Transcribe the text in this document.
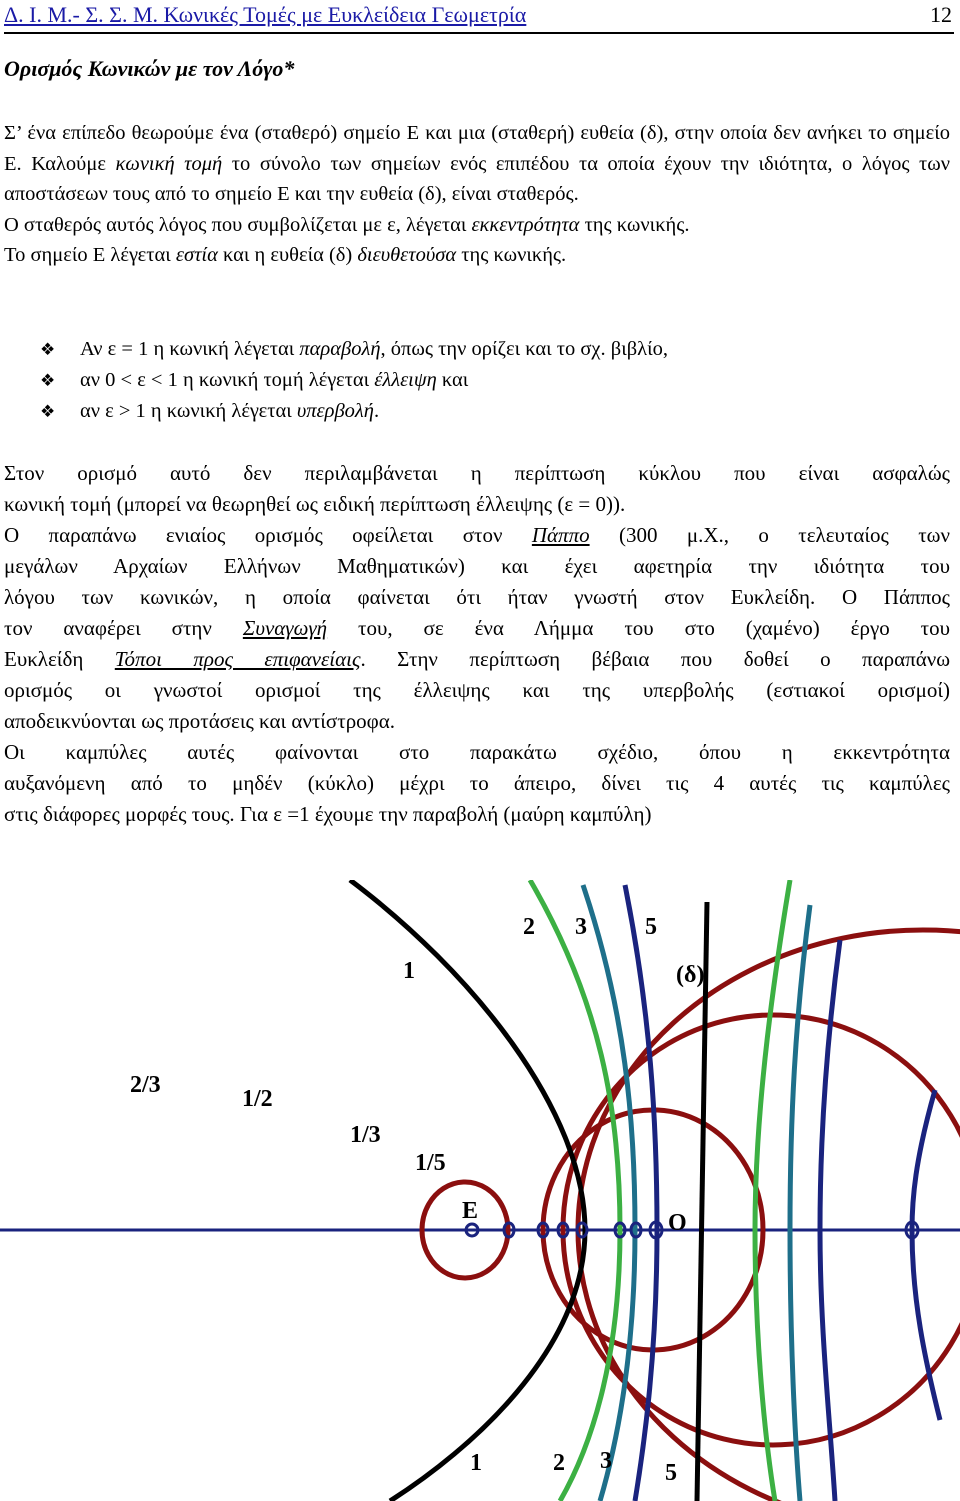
Δ. Ι. Μ.- Σ. Σ. Μ. Κωνικές Τομές με Ευκλείδεια Γεωμετρία	12
Ορισμός Κωνικών με τον Λόγο*
Σ’ ένα επίπεδο θεωρούμε ένα (σταθερό) σημείο Ε και μια (σταθερή) ευθεία (δ), στην οποία δεν ανήκει το σημείο Ε. Καλούμε κωνική τομή το σύνολο των σημείων ενός επιπέδου τα οποία έχουν την ιδιότητα, ο λόγος των αποστάσεων τους από το σημείο Ε και την ευθεία (δ), είναι σταθερός.
Ο σταθερός αυτός λόγος που συμβολίζεται με ε, λέγεται εκκεντρότητα της κωνικής.
Το σημείο Ε λέγεται εστία και η ευθεία (δ) διευθετούσα της κωνικής.
❖ Αν ε = 1 η κωνική λέγεται παραβολή, όπως την ορίζει και το σχ. βιβλίο,
❖ αν 0 < ε < 1 η κωνική τομή λέγεται έλλειψη και
❖ αν ε > 1 η κωνική λέγεται υπερβολή.
Στον ορισμό αυτό δεν περιλαμβάνεται η περίπτωση κύκλου που είναι ασφαλώς
κωνική τομή (μπορεί να θεωρηθεί ως ειδική περίπτωση έλλειψης (ε = 0)).
Ο παραπάνω ενιαίος ορισμός οφείλεται στον Πάππο (300 μ.Χ., ο τελευταίος των
μεγάλων Αρχαίων Ελλήνων Μαθηματικών) και έχει αφετηρία την ιδιότητα του
λόγου των κωνικών, η οποία φαίνεται ότι ήταν γνωστή στον Ευκλείδη. Ο Πάππος
τον αναφέρει στην Συναγωγή του, σε ένα Λήμμα του στο (χαμένο) έργο του
Ευκλείδη Τόποι προς επιφανείαις. Στην περίπτωση βέβαια που δοθεί ο παραπάνω
ορισμός οι γνωστοί ορισμοί της έλλειψης και της υπερβολής (εστιακοί ορισμοί)
αποδεικνύονται ως προτάσεις και αντίστροφα.
Οι καμπύλες αυτές φαίνονται στο παρακάτω σχέδιο, όπου η εκκεντρότητα
αυξανόμενη από το μηδέν (κύκλο) μέχρι το άπειρο, δίνει τις 4 αυτές τις καμπύλες
στις διάφορες μορφές τους. Για ε =1 έχουμε την παραβολή (μαύρη καμπύλη)
2 3 5
1	(δ)
2/3
1/2
1/3
1/5
Ε	Ο
1	2 3 5
